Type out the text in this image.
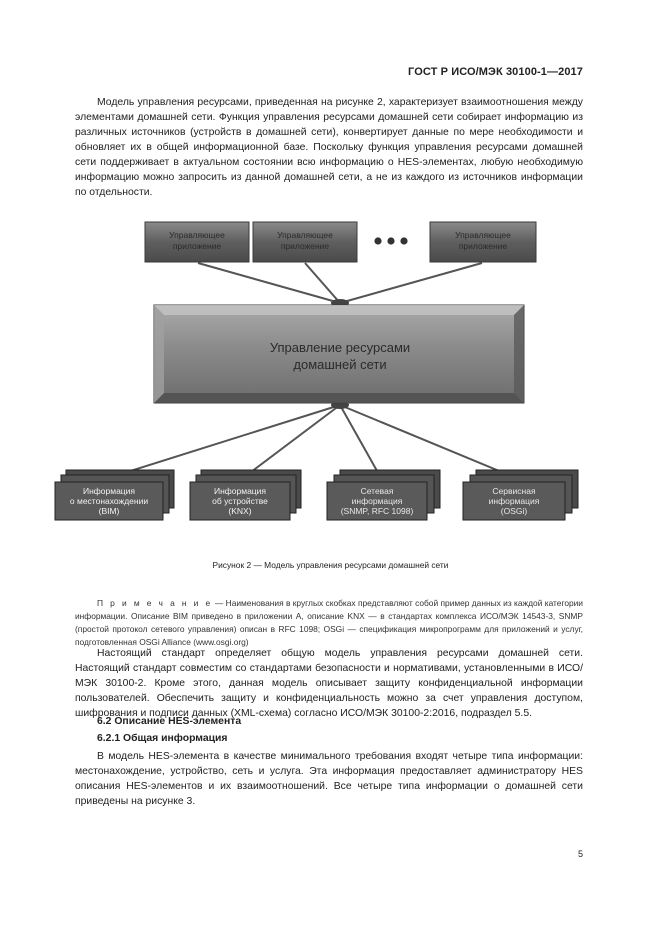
ГОСТ Р ИСО/МЭК 30100-1—2017
Модель управления ресурсами, приведенная на рисунке 2, характеризует взаимоотношения между элементами домашней сети. Функция управления ресурсами домашней сети собирает информацию из различных источников (устройств в домашней сети), конвертирует данные по мере необходимости и обновляет их в общей информационной базе. Поскольку функция управления ресурсами домашней сети поддерживает в актуальном состоянии всю информацию о HES-элементах, любую необходимую информацию можно запросить из данной домашней сети, а не из каждого из источников информации по отдельности.
Управляющее
приложение
Управляющее
приложение
Управляющее
приложение
Управление ресурсами
домашней сети
Информация
о местонахождении
(BIM)
Информация
об устройстве
(KNX)
Сетевая
информация
(SNMP, RFC 1098)
Сервисная
информация
(OSGi)
Рисунок 2 — Модель управления ресурсами домашней сети
П р и м е ч а н и е — Наименования в круглых скобках представляют собой пример данных из каждой категории информации. Описание BIM приведено в приложении А, описание KNX — в стандартах комплекса ИСО/МЭК 14543-3, SNMP (простой протокол сетевого управления) описан в RFC 1098; OSGi — спецификация микропрограмм для приложений и услуг, подготовленная OSGi Alliance (www.osgi.org)
Настоящий стандарт определяет общую модель управления ресурсами домашней сети. Настоящий стандарт совместим со стандартами безопасности и нормативами, установленными в ИСО/МЭК 30100-2. Кроме этого, данная модель описывает защиту конфиденциальной информации пользователей. Обеспечить защиту и конфиденциальность можно за счет управления доступом, шифрования и подписи данных (XML-схема) согласно ИСО/МЭК 30100-2:2016, подраздел 5.5.
6.2 Описание HES-элемента
6.2.1 Общая информация
В модель HES-элемента в качестве минимального требования входят четыре типа информации: местонахождение, устройство, сеть и услуга. Эта информация предоставляет администратору HES описания HES-элементов и их взаимоотношений. Все четыре типа информации о домашней сети приведены на рисунке 3.
5
